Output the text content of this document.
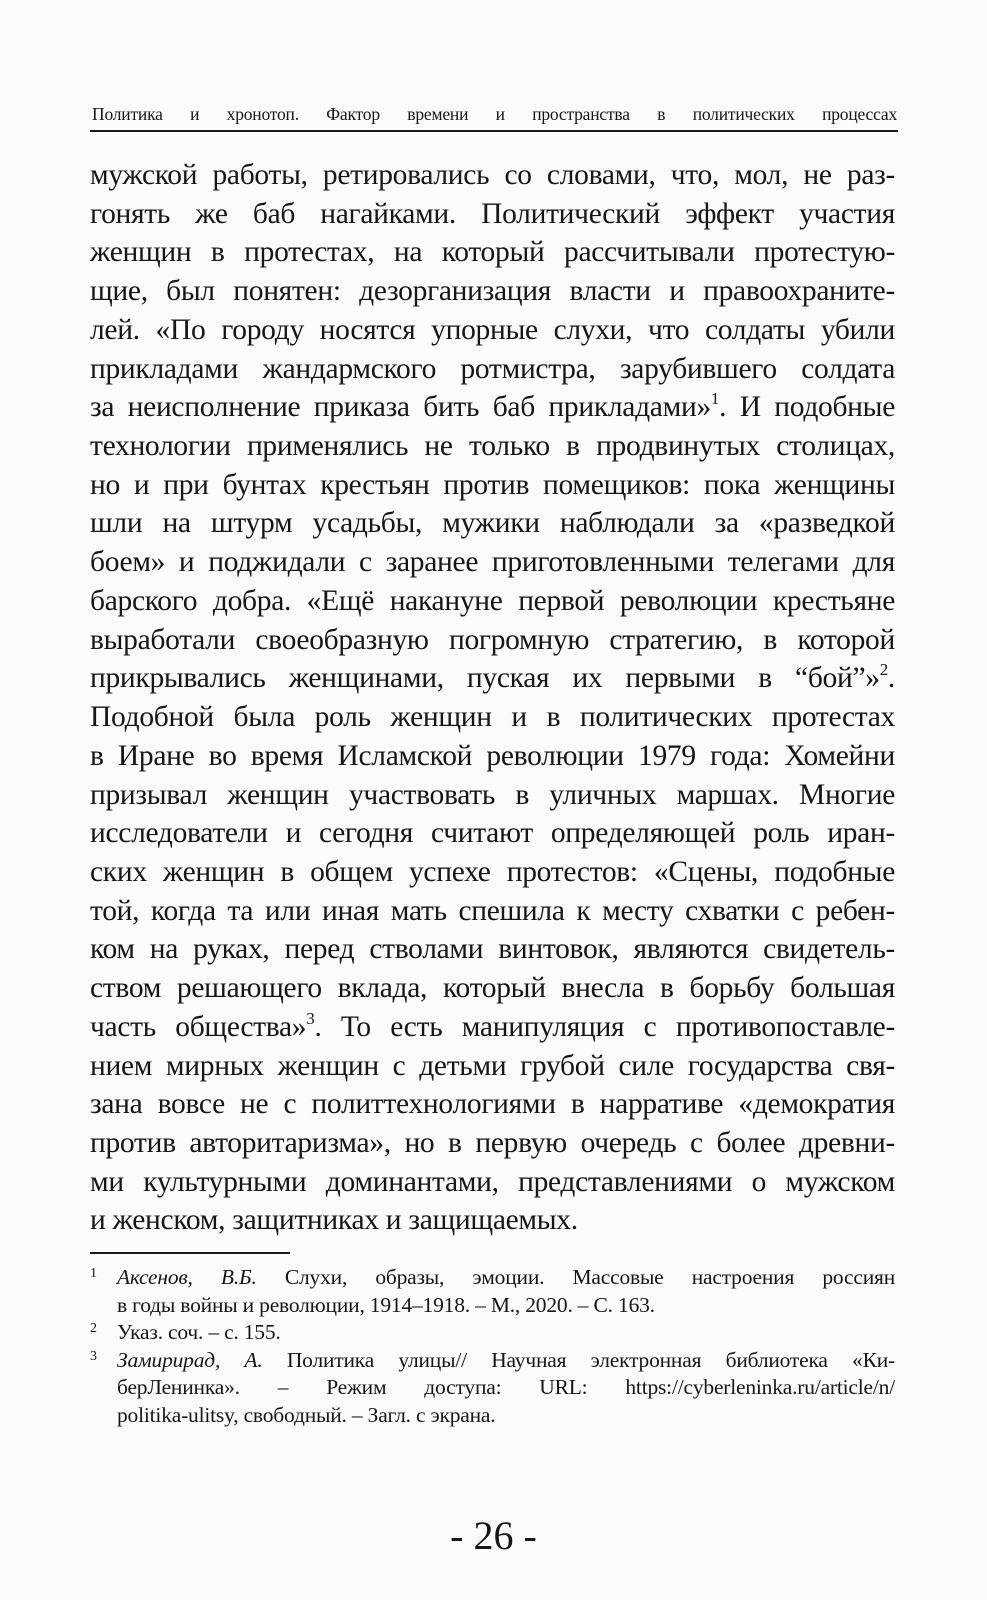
Политика и хронотоп. Фактор времени и пространства в политических процессах
мужской работы, ретировались со словами, что, мол, не раз-
гонять же баб нагайками. Политический эффект участия
женщин в протестах, на который рассчитывали протестую-
щие, был понятен: дезорганизация власти и правоохраните-
лей. «По городу носятся упорные слухи, что солдаты убили
прикладами жандармского ротмистра, зарубившего солдата
за неисполнение приказа бить баб прикладами»$^1$. И подобные
технологии применялись не только в продвинутых столицах,
но и при бунтах крестьян против помещиков: пока женщины
шли на штурм усадьбы, мужики наблюдали за «разведкой
боем» и поджидали с заранее приготовленными телегами для
барского добра. «Ещё накануне первой революции крестьяне
выработали своеобразную погромную стратегию, в которой
прикрывались женщинами, пуская их первыми в “бой”»$^2$.
Подобной была роль женщин и в политических протестах
в Иране во время Исламской революции 1979 года: Хомейни
призывал женщин участвовать в уличных маршах. Многие
исследователи и сегодня считают определяющей роль иран-
ских женщин в общем успехе протестов: «Сцены, подобные
той, когда та или иная мать спешила к месту схватки с ребен-
ком на руках, перед стволами винтовок, являются свидетель-
ством решающего вклада, который внесла в борьбу большая
часть общества»$^3$. То есть манипуляция с противопоставле-
нием мирных женщин с детьми грубой силе государства свя-
зана вовсе не с политтехнологиями в нарративе «демократия
против авторитаризма», но в первую очередь с более древни-
ми культурными доминантами, представлениями о мужском
и женском, защитниках и защищаемых.
1 Аксенов, В.Б. Слухи, образы, эмоции. Массовые настроения россиян
в годы войны и революции, 1914–1918. – М., 2020. – С. 163.
2 Указ. соч. – с. 155.
3 Замирирад, А. Политика улицы// Научная электронная библиотека «Ки-
берЛенинка». – Режим доступа: URL: https://cyberleninka.ru/article/n/
politika-ulitsy, свободный. – Загл. с экрана.
- 26 -
